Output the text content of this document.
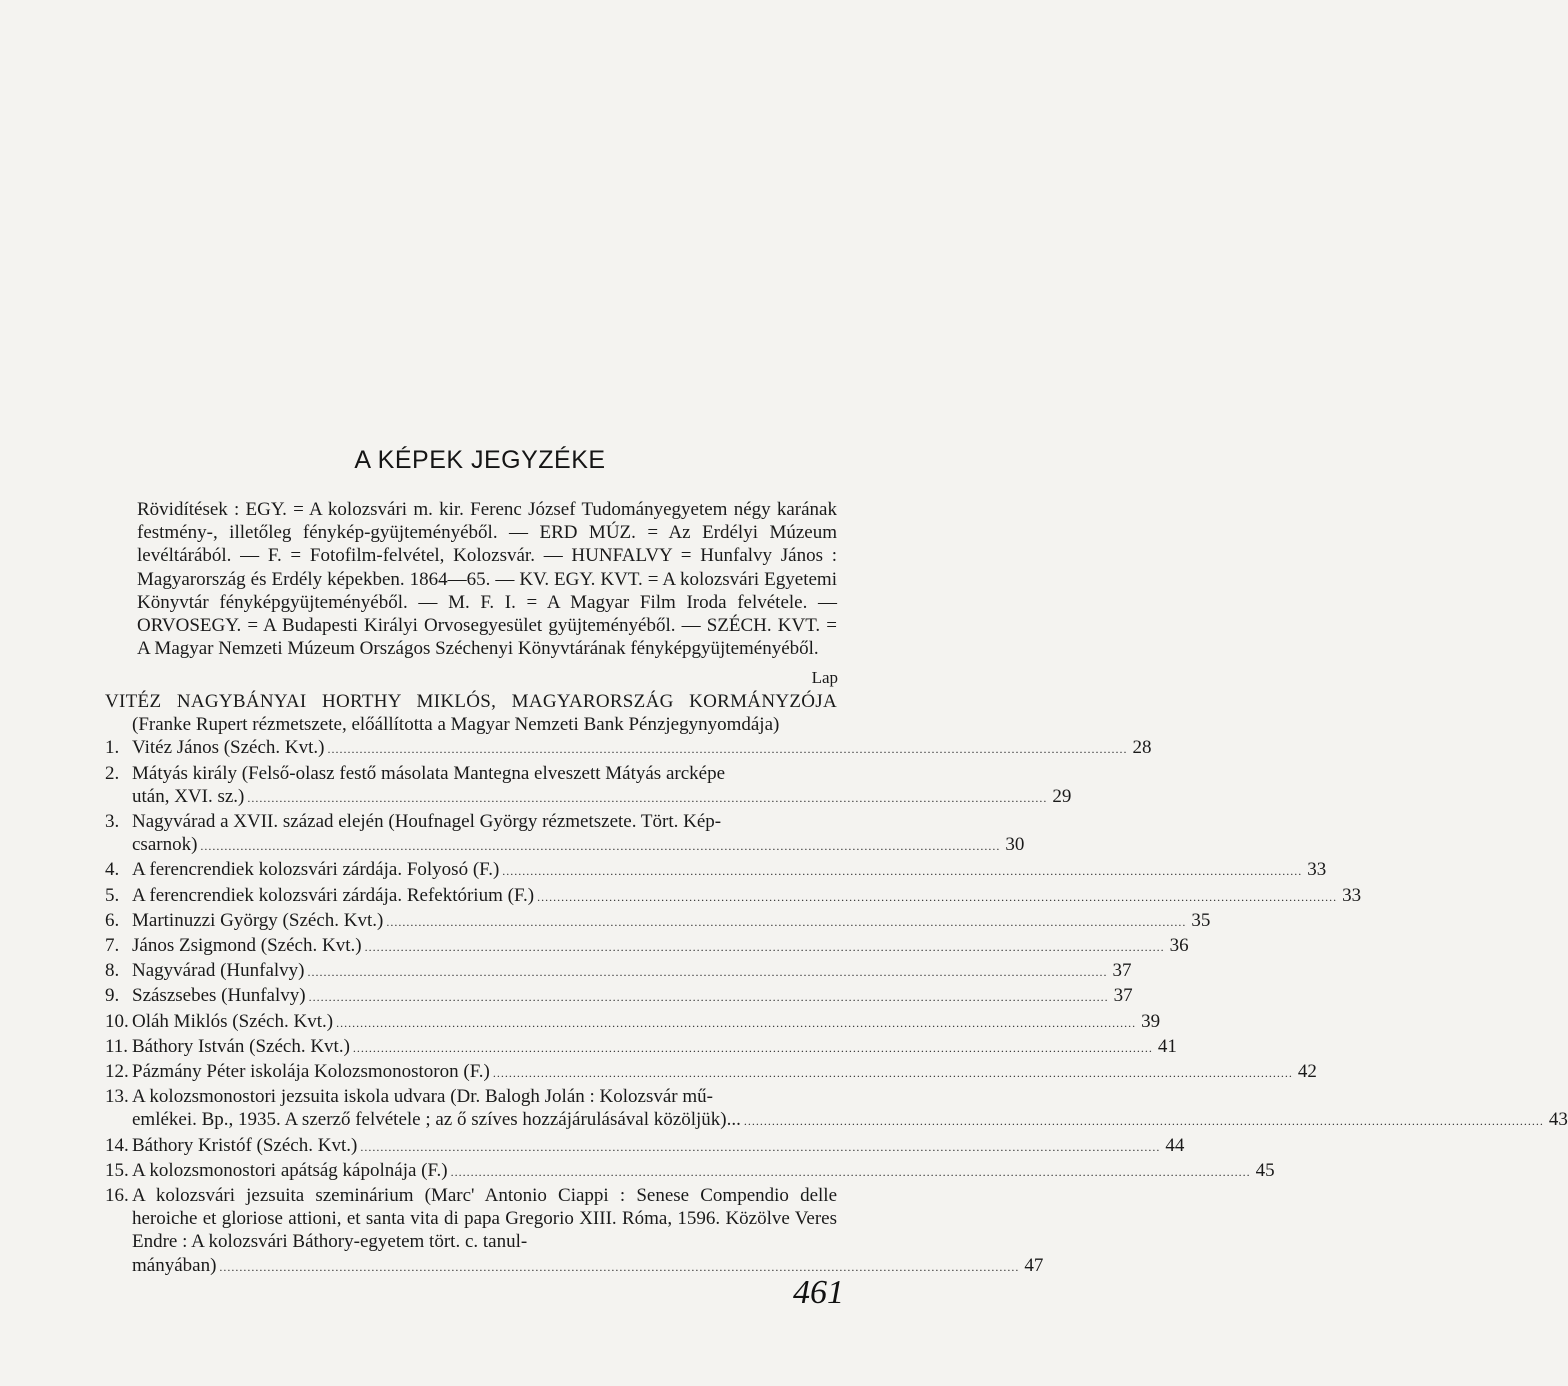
A KÉPEK JEGYZÉKE
Rövidítések : EGY. = A kolozsvári m. kir. Ferenc József Tudományegyetem négy karának festmény-, illetőleg fénykép-gyüjteményéből. — ERD MÚZ. = Az Erdélyi Múzeum levéltárából. — F. = Fotofilm-felvétel, Kolozsvár. — HUNFALVY = Hunfalvy János : Magyarország és Erdély képekben. 1864—65. — KV. EGY. KVT. = A kolozsvári Egyetemi Könyvtár fényképgyüjteményéből. — M. F. I. = A Magyar Film Iroda felvétele. — ORVOSEGY. = A Budapesti Királyi Orvosegyesület gyüjteményéből. — SZÉCH. KVT. = A Magyar Nemzeti Múzeum Országos Széchenyi Könyvtárának fényképgyüjteményéből.
Lap
VITÉZ NAGYBÁNYAI HORTHY MIKLÓS, MAGYARORSZÁG KORMÁNYZÓJA (Franke Rupert rézmetszete, előállította a Magyar Nemzeti Bank Pénzjegynyomdája)
1. Vitéz János (Széch. Kvt.) ........................................................................................................................................................................................................ 28
2. Mátyás király (Felső-olasz festő másolata Mantegna elveszett Mátyás arcképe
után, XVI. sz.) ........................................................................................................................................................................................................ 29
3. Nagyvárad a XVII. század elején (Houfnagel György rézmetszete. Tört. Kép-
csarnok) ........................................................................................................................................................................................................ 30
4. A ferencrendiek kolozsvári zárdája. Folyosó (F.) ........................................................................................................................................................................................................ 33
5. A ferencrendiek kolozsvári zárdája. Refektórium (F.) ........................................................................................................................................................................................................ 33
6. Martinuzzi György (Széch. Kvt.) ........................................................................................................................................................................................................ 35
7. János Zsigmond (Széch. Kvt.) ........................................................................................................................................................................................................ 36
8. Nagyvárad (Hunfalvy) ........................................................................................................................................................................................................ 37
9. Szászsebes (Hunfalvy) ........................................................................................................................................................................................................ 37
10. Oláh Miklós (Széch. Kvt.) ........................................................................................................................................................................................................ 39
11. Báthory István (Széch. Kvt.) ........................................................................................................................................................................................................ 41
12. Pázmány Péter iskolája Kolozsmonostoron (F.) ........................................................................................................................................................................................................ 42
13. A kolozsmonostori jezsuita iskola udvara (Dr. Balogh Jolán : Kolozsvár mű-
emlékei. Bp., 1935. A szerző felvétele ; az ő szíves hozzájárulásával közöljük)... ........................................................................................................................................................................................................ 43
14. Báthory Kristóf (Széch. Kvt.) ........................................................................................................................................................................................................ 44
15. A kolozsmonostori apátság kápolnája (F.) ........................................................................................................................................................................................................ 45
16. A kolozsvári jezsuita szeminárium (Marc' Antonio Ciappi : Senese Compendio delle heroiche et gloriose attioni, et santa vita di papa Gregorio XIII. Róma, 1596. Közölve Veres Endre : A kolozsvári Báthory-egyetem tört. c. tanul-
mányában) ........................................................................................................................................................................................................ 47
461
